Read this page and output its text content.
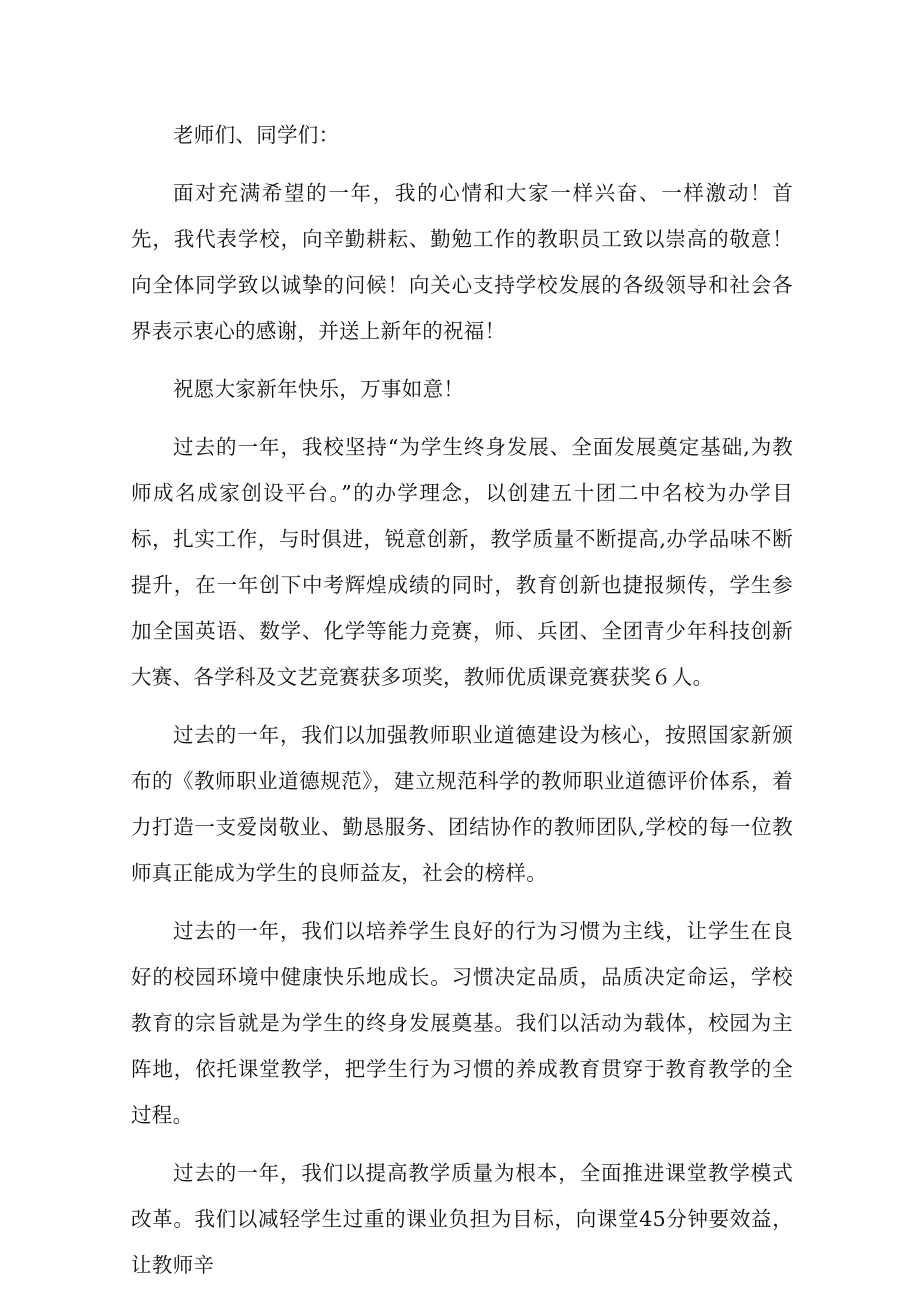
老师们、同学们：

面对充满希望的一年，我的心情和大家一样兴奋、一样激动！首先，我代表学校，向辛勤耕耘、勤勉工作的教职员工致以崇高的敬意！向全体同学致以诚挚的问候！向关心支持学校发展的各级领导和社会各界表示衷心的感谢，并送上新年的祝福！

祝愿大家新年快乐，万事如意！

过去的一年，我校坚持“为学生终身发展、全面发展奠定基础,为教师成名成家创设平台。”的办学理念，以创建五十团二中名校为办学目标，扎实工作，与时俱进，锐意创新，教学质量不断提高,办学品味不断提升，在一年创下中考辉煌成绩的同时，教育创新也捷报频传，学生参加全国英语、数学、化学等能力竞赛，师、兵团、全团青少年科技创新大赛、各学科及文艺竞赛获多项奖，教师优质课竞赛获奖６人。

过去的一年，我们以加强教师职业道德建设为核心，按照国家新颁布的《教师职业道德规范》，建立规范科学的教师职业道德评价体系，着力打造一支爱岗敬业、勤恳服务、团结协作的教师团队,学校的每一位教师真正能成为学生的良师益友，社会的榜样。

过去的一年，我们以培养学生良好的行为习惯为主线，让学生在良好的校园环境中健康快乐地成长。习惯决定品质，品质决定命运，学校教育的宗旨就是为学生的终身发展奠基。我们以活动为载体，校园为主阵地，依托课堂教学，把学生行为习惯的养成教育贯穿于教育教学的全过程。

过去的一年，我们以提高教学质量为根本，全面推进课堂教学模式改革。我们以减轻学生过重的课业负担为目标，向课堂45分钟要效益，让教师辛
